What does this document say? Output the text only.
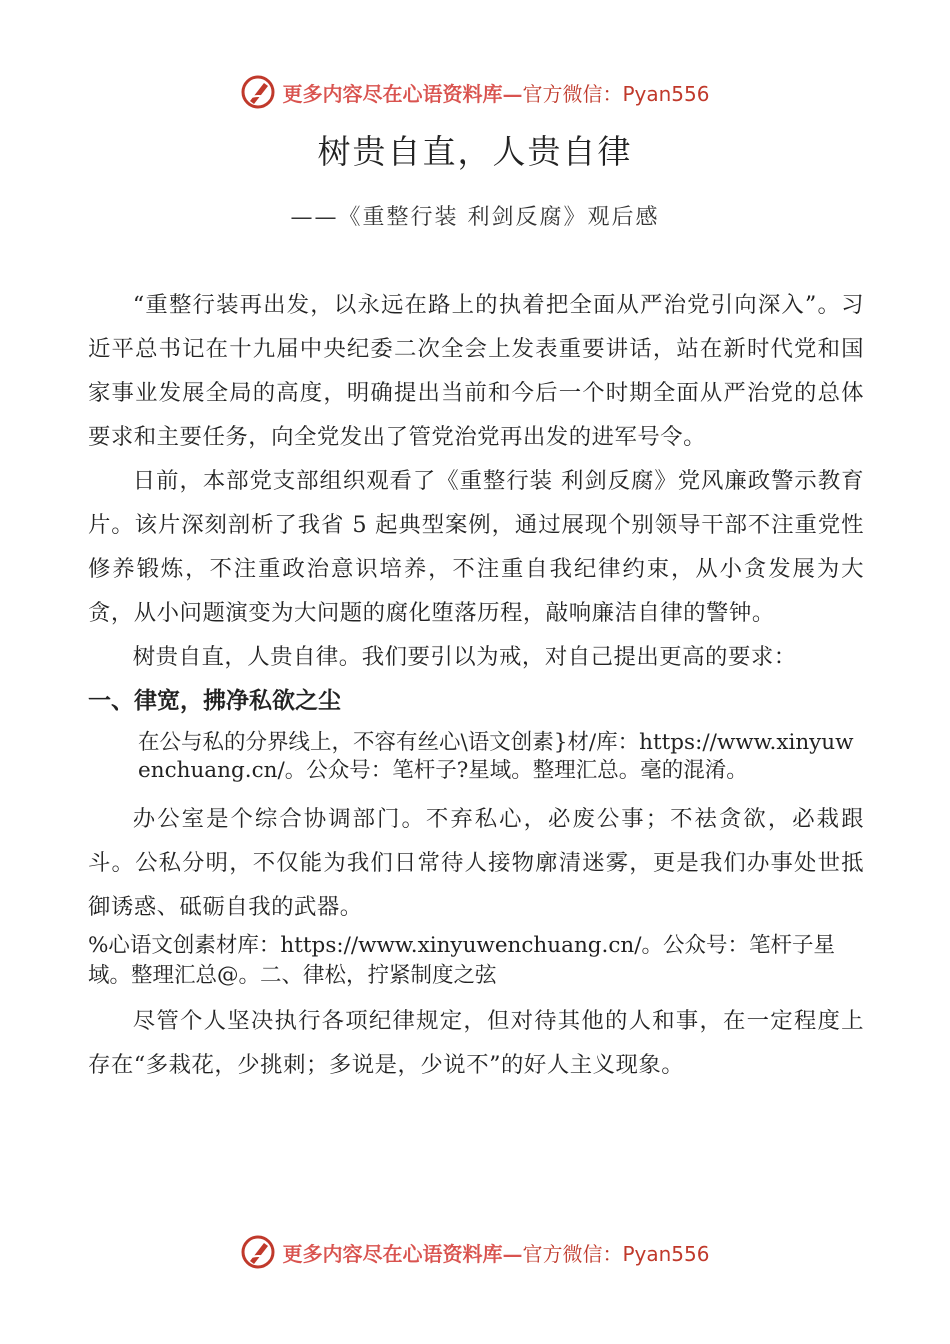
更多内容尽在心语资料库—官方微信：Pyan556
树贵自直，人贵自律
——《重整行装 利剑反腐》观后感

“重整行装再出发，以永远在路上的执着把全面从严治党引向深入”。习近平总书记在十九届中央纪委二次全会上发表重要讲话，站在新时代党和国家事业发展全局的高度，明确提出当前和今后一个时期全面从严治党的总体要求和主要任务，向全党发出了管党治党再出发的进军号令。

日前，本部党支部组织观看了《重整行装 利剑反腐》党风廉政警示教育片。该片深刻剖析了我省 5 起典型案例，通过展现个别领导干部不注重党性修养锻炼，不注重政治意识培养，不注重自我纪律约束，从小贪发展为大贪，从小问题演变为大问题的腐化堕落历程，敲响廉洁自律的警钟。

树贵自直，人贵自律。我们要引以为戒，对自己提出更高的要求：

一、律宽，拂净私欲之尘

在公与私的分界线上，不容有丝心\语文创素}材/库：https://www.xinyuwenchuang.cn/。公众号：笔杆子?星域。整理汇总。毫的混淆。

办公室是个综合协调部门。不弃私心，必废公事；不祛贪欲，必栽跟斗。公私分明，不仅能为我们日常待人接物廓清迷雾，更是我们办事处世抵御诱惑、砥砺自我的武器。

%心语文创素材库：https://www.xinyuwenchuang.cn/。公众号：笔杆子星域。整理汇总@。二、律松，拧紧制度之弦

尽管个人坚决执行各项纪律规定，但对待其他的人和事，在一定程度上存在“多栽花，少挑刺；多说是，少说不”的好人主义现象。

更多内容尽在心语资料库—官方微信：Pyan556
